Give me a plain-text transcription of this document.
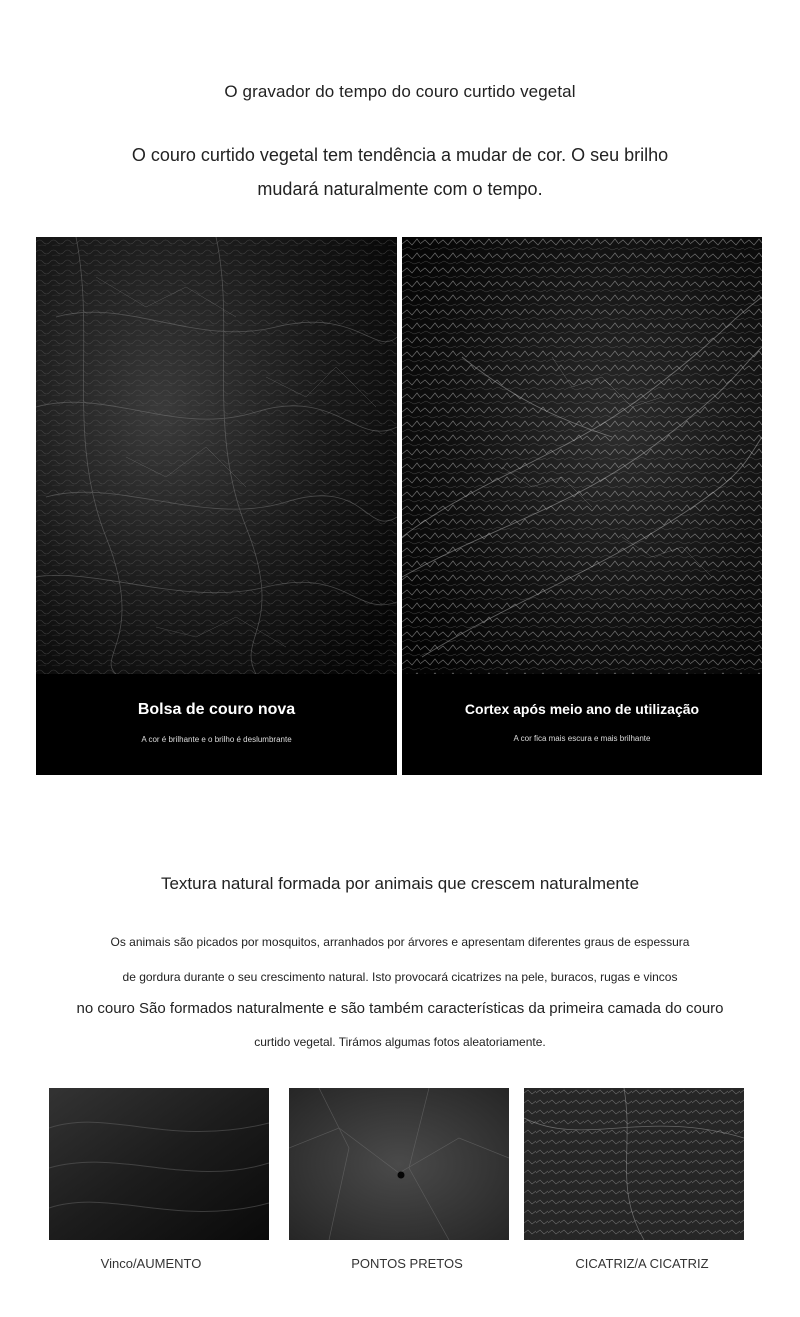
O gravador do tempo do couro curtido vegetal
O couro curtido vegetal tem tendência a mudar de cor. O seu brilho
mudará naturalmente com o tempo.
Bolsa de couro nova
A cor é brilhante e o brilho é deslumbrante
Cortex após meio ano de utilização
A cor fica mais escura e mais brilhante
Textura natural formada por animais que crescem naturalmente

Os animais são picados por mosquitos, arranhados por árvores e apresentam diferentes graus de espessura

de gordura durante o seu crescimento natural. Isto provocará cicatrizes na pele, buracos, rugas e vincos

no couro São formados naturalmente e são também características da primeira camada do couro

curtido vegetal. Tirámos algumas fotos aleatoriamente.

Vinco/AUMENTO	PONTOS PRETOS	CICATRIZ/A CICATRIZ
